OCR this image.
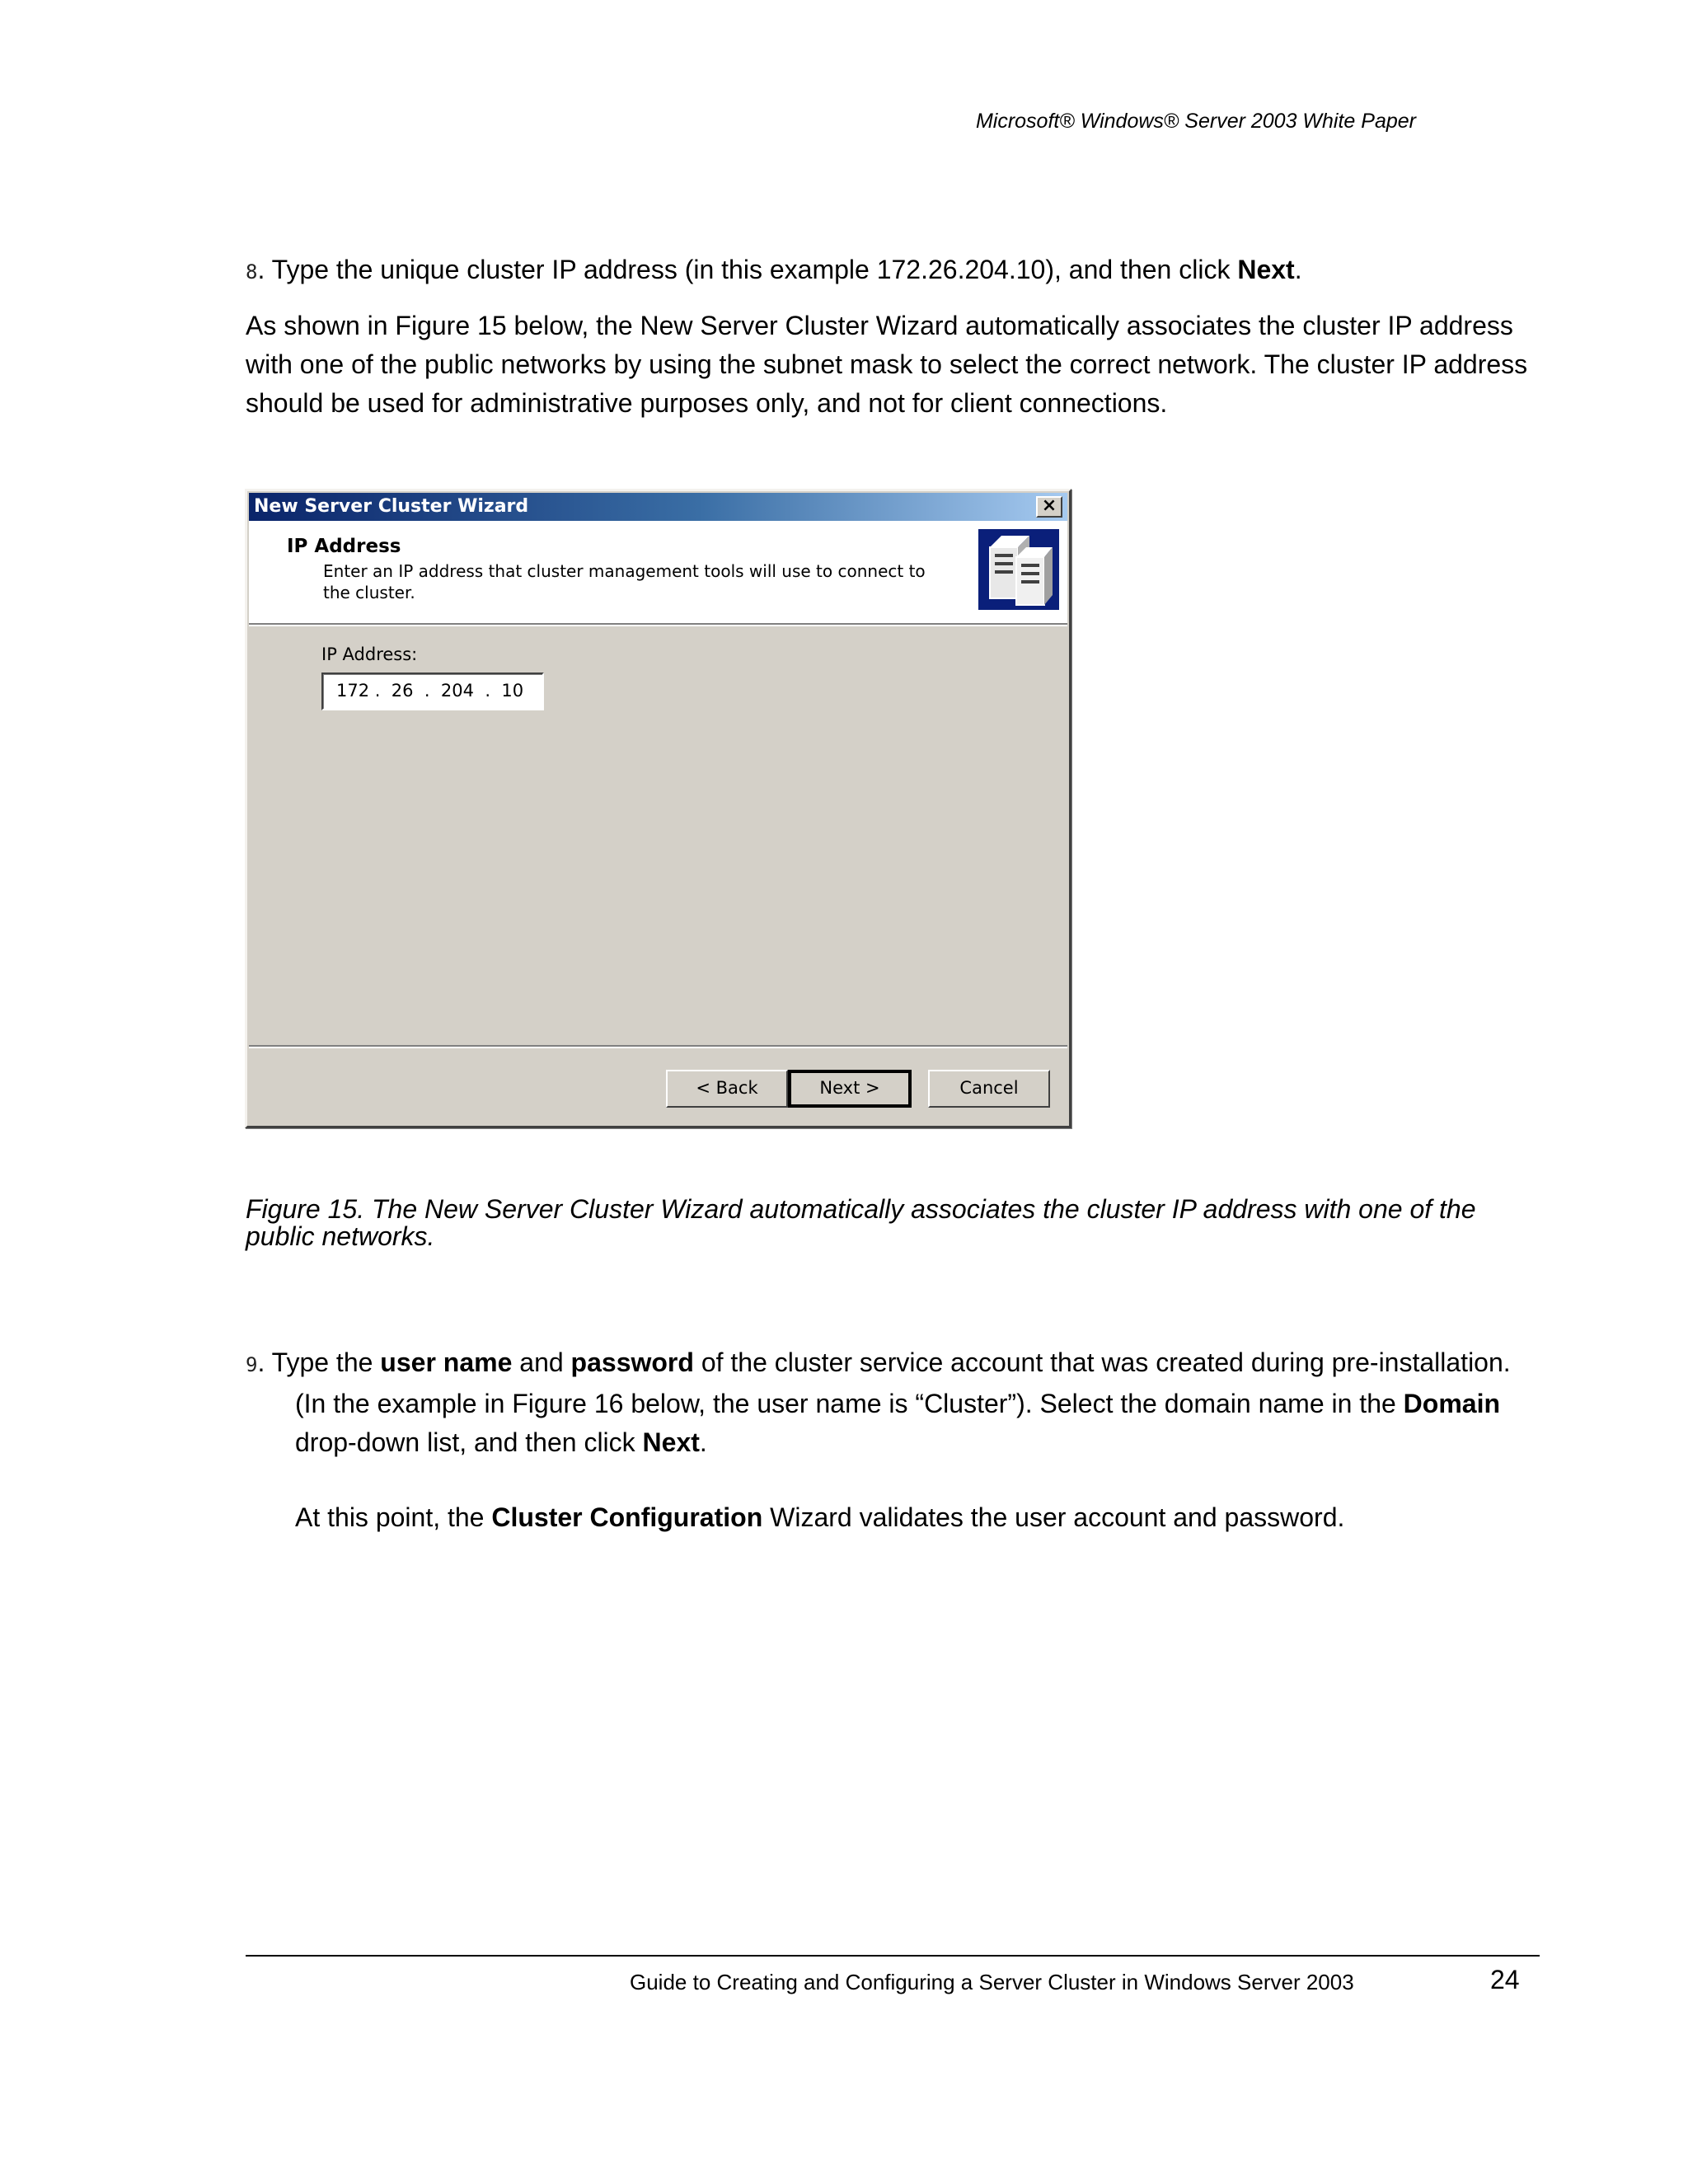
Microsoft® Windows® Server 2003 White Paper
8. Type the unique cluster IP address (in this example 172.26.204.10), and then click Next.
As shown in Figure 15 below, the New Server Cluster Wizard automatically associates the cluster IP address with one of the public networks by using the subnet mask to select the correct network. The cluster IP address should be used for administrative purposes only, and not for client connections.
New Server Cluster Wizard	×
IP Address
Enter an IP address that cluster management tools will use to connect to the cluster.
IP Address:
172 .  26  .  204  .  10
< Back	Next >	Cancel
Figure 15. The New Server Cluster Wizard automatically associates the cluster IP address with one of the public networks.
9. Type the user name and password of the cluster service account that was created during pre-installation. (In the example in Figure 16 below, the user name is “Cluster”). Select the domain name in the Domain drop-down list, and then click Next.
At this point, the Cluster Configuration Wizard validates the user account and password.
Guide to Creating and Configuring a Server Cluster in Windows Server 2003	24
